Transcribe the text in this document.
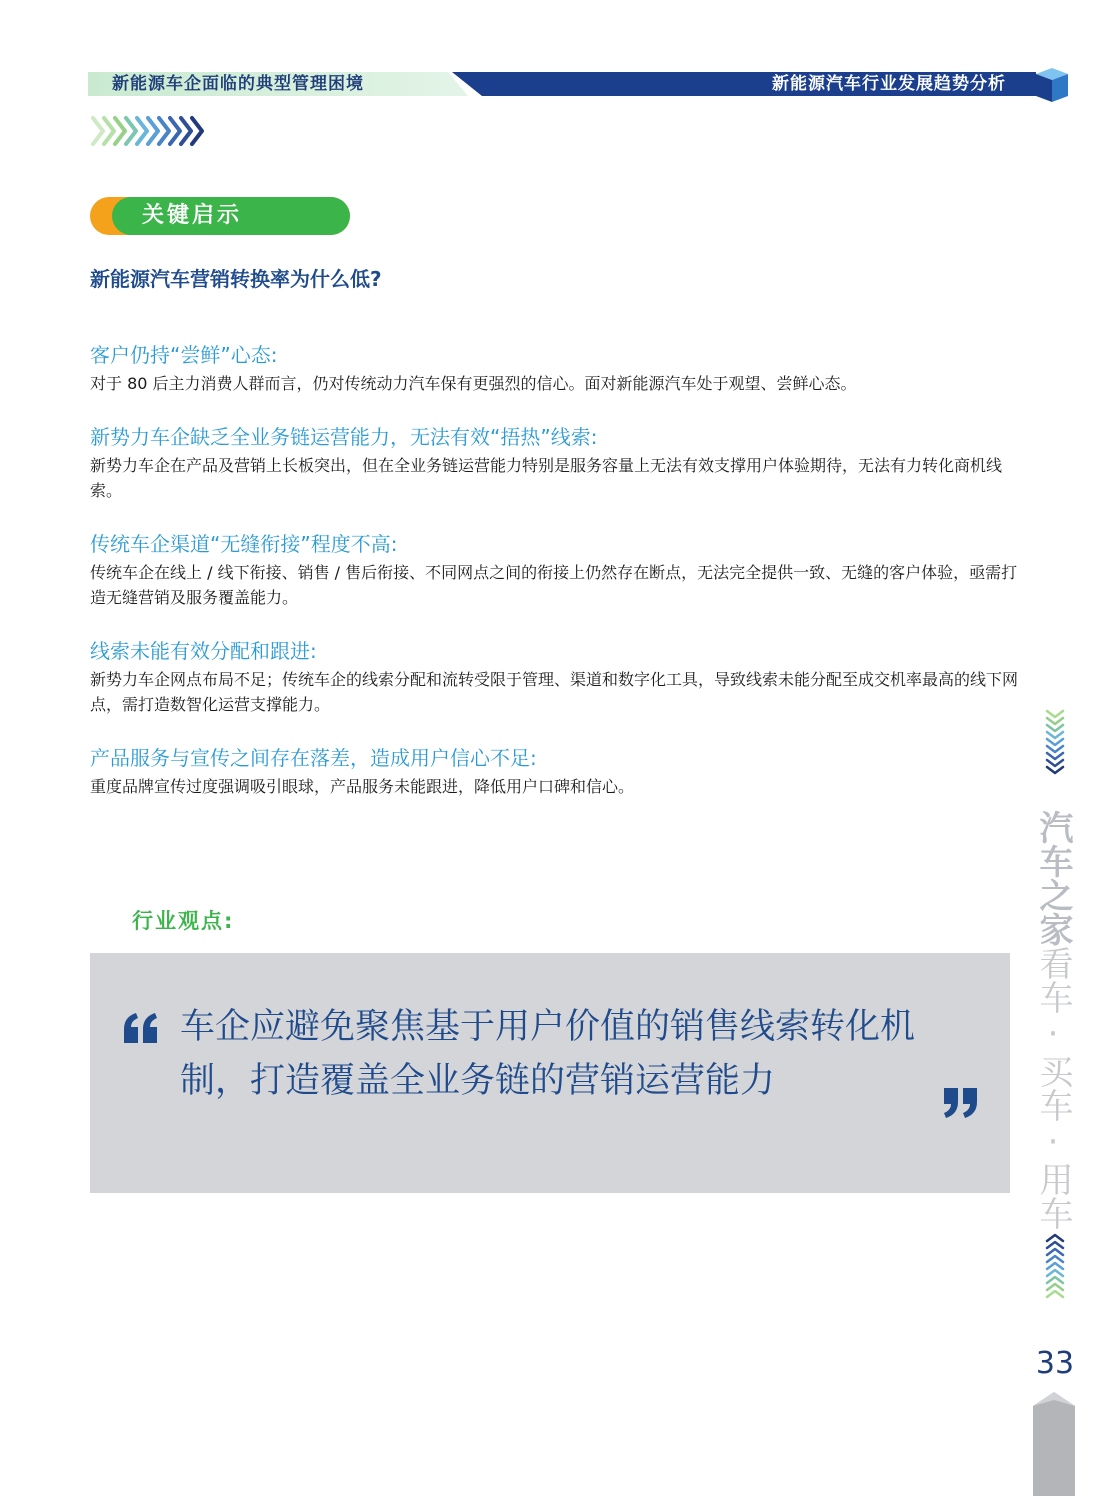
新能源车企面临的典型管理困境	新能源汽车行业发展趋势分析
关键启示
新能源汽车营销转换率为什么低?
客户仍持“尝鲜”心态:
对于 80 后主力消费人群而言，仍对传统动力汽车保有更强烈的信心。面对新能源汽车处于观望、尝鲜心态。
新势力车企缺乏全业务链运营能力，无法有效“捂热”线索:
新势力车企在产品及营销上长板突出，但在全业务链运营能力特别是服务容量上无法有效支撑用户体验期待，无法有力转化商机线索。
传统车企渠道“无缝衔接”程度不高:
传统车企在线上 / 线下衔接、销售 / 售后衔接、不同网点之间的衔接上仍然存在断点，无法完全提供一致、无缝的客户体验，亟需打造无缝营销及服务覆盖能力。
线索未能有效分配和跟进:
新势力车企网点布局不足；传统车企的线索分配和流转受限于管理、渠道和数字化工具，导致线索未能分配至成交机率最高的线下网点，需打造数智化运营支撑能力。
产品服务与宣传之间存在落差，造成用户信心不足:
重度品牌宣传过度强调吸引眼球，产品服务未能跟进，降低用户口碑和信心。
行业观点:
车企应避免聚焦基于用户价值的销售线索转化机制，打造覆盖全业务链的营销运营能力
汽车之家看车·买车·用车
33
